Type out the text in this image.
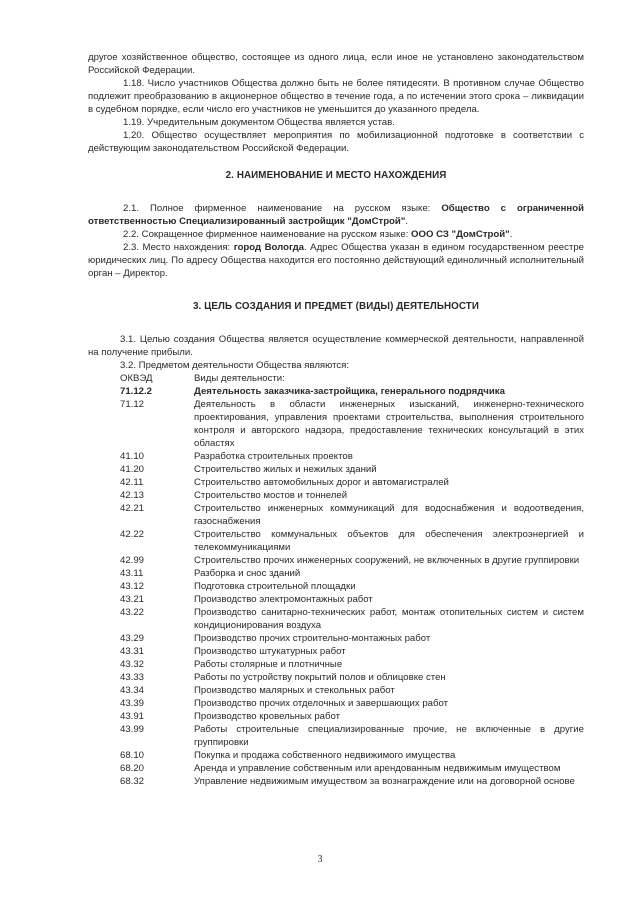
другое хозяйственное общество, состоящее из одного лица, если иное не установлено законодательством Российской Федерации.

1.18. Число участников Общества должно быть не более пятидесяти. В противном случае Общество подлежит преобразованию в акционерное общество в течение года, а по истечении этого срока – ликвидации в судебном порядке, если число его участников не уменьшится до указанного предела.

1.19. Учредительным документом Общества является устав.

1.20. Общество осуществляет мероприятия по мобилизационной подготовке в соответствии с действующим законодательством Российской Федерации.

2. НАИМЕНОВАНИЕ И МЕСТО НАХОЖДЕНИЯ

2.1. Полное фирменное наименование на русском языке: Общество с ограниченной ответственностью Специализированный застройщик "ДомСтрой".

2.2. Сокращенное фирменное наименование на русском языке: ООО СЗ "ДомСтрой".

2.3. Место нахождения: город Вологда. Адрес Общества указан в едином государственном реестре юридических лиц. По адресу Общества находится его постоянно действующий единоличный исполнительный орган – Директор.

3. ЦЕЛЬ СОЗДАНИЯ И ПРЕДМЕТ (ВИДЫ) ДЕЯТЕЛЬНОСТИ

3.1. Целью создания Общества является осуществление коммерческой деятельности, направленной на получение прибыли.

3.2. Предметом деятельности Общества являются:

ОКВЭД	Виды деятельности:
71.12.2	Деятельность заказчика-застройщика, генерального подрядчика
71.12	Деятельность в области инженерных изысканий, инженерно-технического проектирования, управления проектами строительства, выполнения строительного контроля и авторского надзора, предоставление технических консультаций в этих областях
41.10	Разработка строительных проектов
41.20	Строительство жилых и нежилых зданий
42.11	Строительство автомобильных дорог и автомагистралей
42.13	Строительство мостов и тоннелей
42.21	Строительство инженерных коммуникаций для водоснабжения и водоотведения, газоснабжения
42.22	Строительство коммунальных объектов для обеспечения электроэнергией и телекоммуникациями
42.99	Строительство прочих инженерных сооружений, не включенных в другие группировки
43.11	Разборка и снос зданий
43.12	Подготовка строительной площадки
43.21	Производство электромонтажных работ
43.22	Производство санитарно-технических работ, монтаж отопительных систем и систем кондиционирования воздуха
43.29	Производство прочих строительно-монтажных работ
43.31	Производство штукатурных работ
43.32	Работы столярные и плотничные
43.33	Работы по устройству покрытий полов и облицовке стен
43.34	Производство малярных и стекольных работ
43.39	Производство прочих отделочных и завершающих работ
43.91	Производство кровельных работ
43.99	Работы строительные специализированные прочие, не включенные в другие группировки
68.10	Покупка и продажа собственного недвижимого имущества
68.20	Аренда и управление собственным или арендованным недвижимым имуществом
68.32	Управление недвижимым имуществом за вознаграждение или на договорной основе
3
